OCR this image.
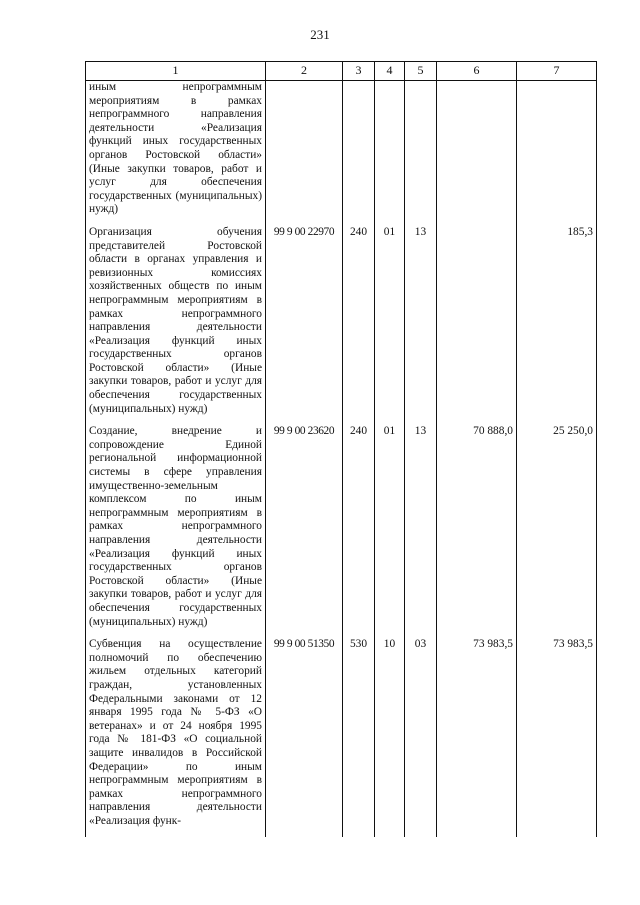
231
1	2	3	4	5	6	7
иным непрограммным мероприятиям в рамках непрограммного направления деятельности «Реализация функций иных государственных органов Ростовской области» (Иные закупки товаров, работ и услуг для обеспечения государственных (муниципальных) нужд)						
Организация обучения представителей Ростовской области в органах управления и ревизионных комиссиях хозяйственных обществ по иным непрограммным мероприятиям в рамках непрограммного направления деятельности «Реализация функций иных государственных органов Ростовской области» (Иные закупки товаров, работ и услуг для обеспечения государственных (муниципальных) нужд)	99 9 00 22970	240	01	13		185,3
Создание, внедрение и сопровождение Единой региональной информационной системы в сфере управления имущественно-земельным комплексом по иным непрограммным мероприятиям в рамках непрограммного направления деятельности «Реализация функций иных государственных органов Ростовской области» (Иные закупки товаров, работ и услуг для обеспечения государственных (муниципальных) нужд)	99 9 00 23620	240	01	13	70 888,0	25 250,0
Субвенция на осуществление полномочий по обеспечению жильем отдельных категорий граждан, установленных Федеральными законами от 12 января 1995 года № 5-ФЗ «О ветеранах» и от 24 ноября 1995 года № 181-ФЗ «О социальной защите инвалидов в Российской Федерации» по иным непрограммным мероприятиям в рамках непрограммного направления деятельности «Реализация функ-	99 9 00 51350	530	10	03	73 983,5	73 983,5
